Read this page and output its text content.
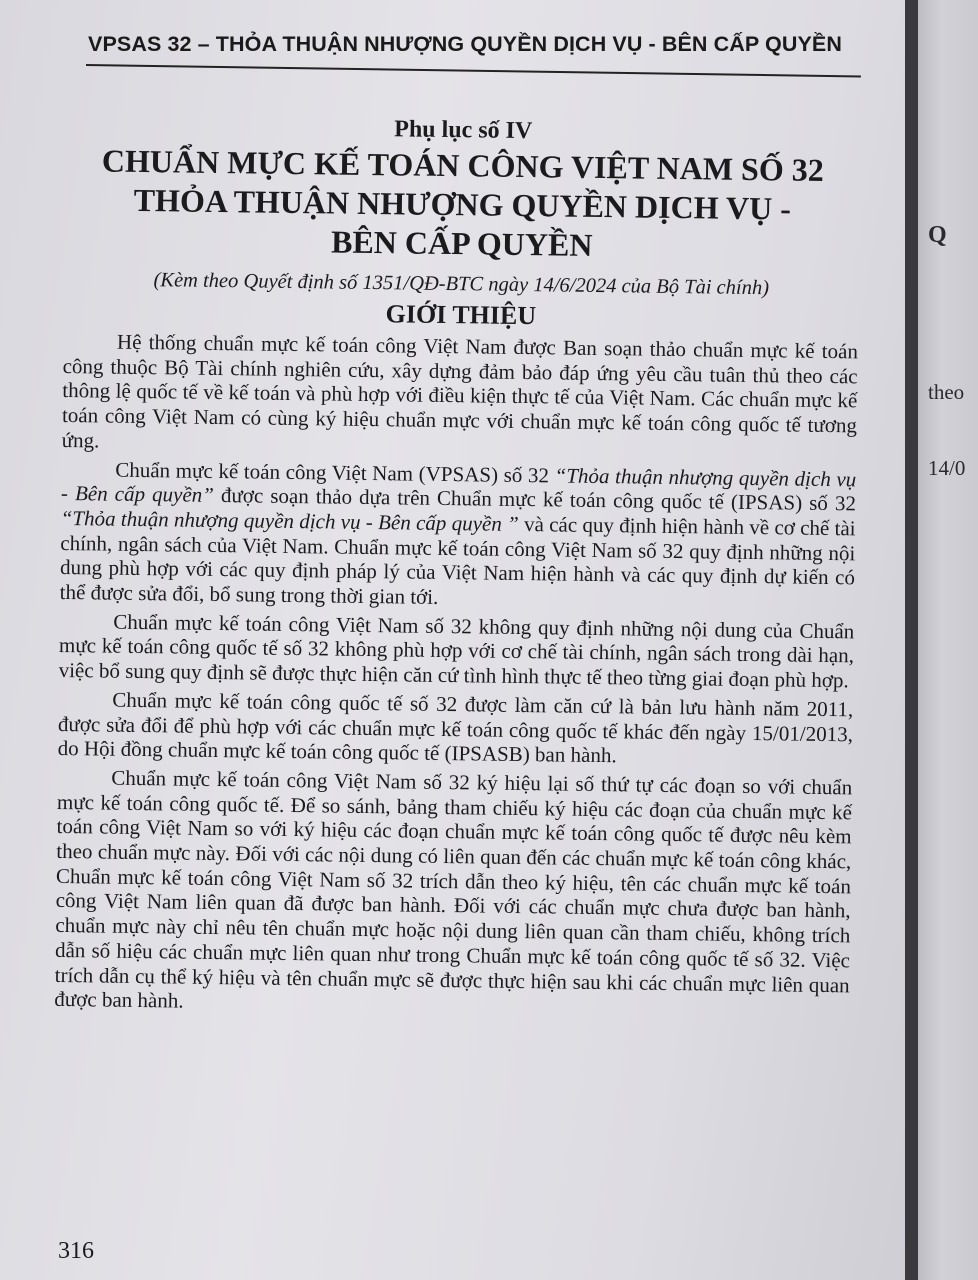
VPSAS 32 – THỎA THUẬN NHƯỢNG QUYỀN DỊCH VỤ - BÊN CẤP QUYỀN
Phụ lục số IV
CHUẨN MỰC KẾ TOÁN CÔNG VIỆT NAM SỐ 32
THỎA THUẬN NHƯỢNG QUYỀN DỊCH VỤ -
BÊN CẤP QUYỀN
(Kèm theo Quyết định số 1351/QĐ-BTC ngày 14/6/2024 của Bộ Tài chính)
GIỚI THIỆU

Hệ thống chuẩn mực kế toán công Việt Nam được Ban soạn thảo chuẩn mực kế toán công thuộc Bộ Tài chính nghiên cứu, xây dựng đảm bảo đáp ứng yêu cầu tuân thủ theo các thông lệ quốc tế về kế toán và phù hợp với điều kiện thực tế của Việt Nam. Các chuẩn mực kế toán công Việt Nam có cùng ký hiệu chuẩn mực với chuẩn mực kế toán công quốc tế tương ứng.

Chuẩn mực kế toán công Việt Nam (VPSAS) số 32 “Thỏa thuận nhượng quyền dịch vụ - Bên cấp quyền” được soạn thảo dựa trên Chuẩn mực kế toán công quốc tế (IPSAS) số 32 “Thỏa thuận nhượng quyền dịch vụ - Bên cấp quyền ” và các quy định hiện hành về cơ chế tài chính, ngân sách của Việt Nam. Chuẩn mực kế toán công Việt Nam số 32 quy định những nội dung phù hợp với các quy định pháp lý của Việt Nam hiện hành và các quy định dự kiến có thể được sửa đổi, bổ sung trong thời gian tới.

Chuẩn mực kế toán công Việt Nam số 32 không quy định những nội dung của Chuẩn mực kế toán công quốc tế số 32 không phù hợp với cơ chế tài chính, ngân sách trong dài hạn, việc bổ sung quy định sẽ được thực hiện căn cứ tình hình thực tế theo từng giai đoạn phù hợp.

Chuẩn mực kế toán công quốc tế số 32 được làm căn cứ là bản lưu hành năm 2011, được sửa đổi để phù hợp với các chuẩn mực kế toán công quốc tế khác đến ngày 15/01/2013, do Hội đồng chuẩn mực kế toán công quốc tế (IPSASB) ban hành.

Chuẩn mực kế toán công Việt Nam số 32 ký hiệu lại số thứ tự các đoạn so với chuẩn mực kế toán công quốc tế. Để so sánh, bảng tham chiếu ký hiệu các đoạn của chuẩn mực kế toán công Việt Nam so với ký hiệu các đoạn chuẩn mực kế toán công quốc tế được nêu kèm theo chuẩn mực này. Đối với các nội dung có liên quan đến các chuẩn mực kế toán công khác, Chuẩn mực kế toán công Việt Nam số 32 trích dẫn theo ký hiệu, tên các chuẩn mực kế toán công Việt Nam liên quan đã được ban hành. Đối với các chuẩn mực chưa được ban hành, chuẩn mực này chỉ nêu tên chuẩn mực hoặc nội dung liên quan cần tham chiếu, không trích dẫn số hiệu các chuẩn mực liên quan như trong Chuẩn mực kế toán công quốc tế số 32. Việc trích dẫn cụ thể ký hiệu và tên chuẩn mực sẽ được thực hiện sau khi các chuẩn mực liên quan được ban hành.

316
Q
theo
14/0
